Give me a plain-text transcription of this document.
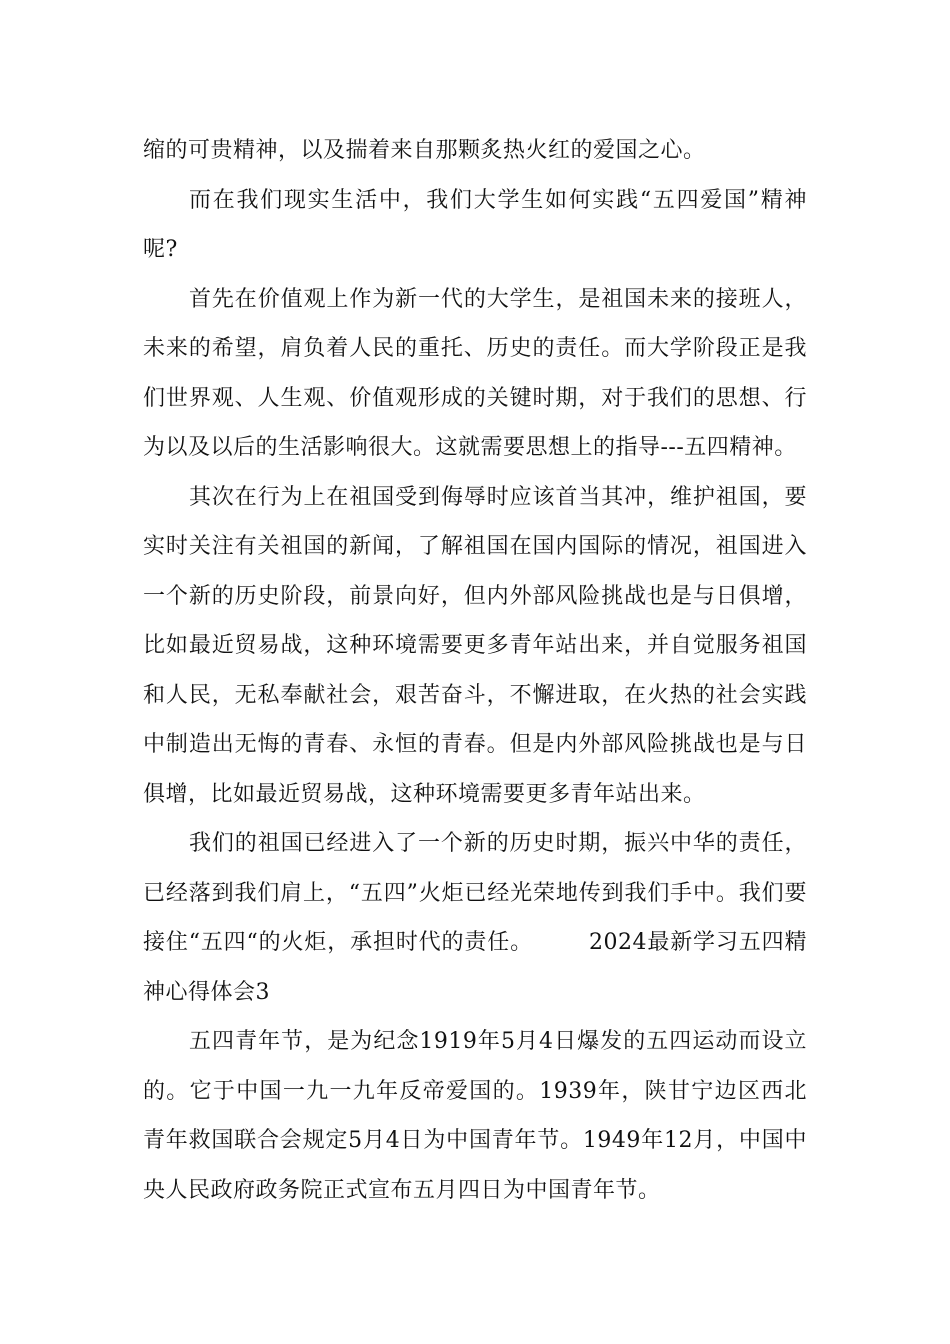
缩的可贵精神，以及揣着来自那颗炙热火红的爱国之心。

而在我们现实生活中，我们大学生如何实践“五四爱国”精神呢?

首先在价值观上作为新一代的大学生，是祖国未来的接班人，未来的希望，肩负着人民的重托、历史的责任。而大学阶段正是我们世界观、人生观、价值观形成的关键时期，对于我们的思想、行为以及以后的生活影响很大。这就需要思想上的指导---五四精神。

其次在行为上在祖国受到侮辱时应该首当其冲，维护祖国，要实时关注有关祖国的新闻，了解祖国在国内国际的情况，祖国进入一个新的历史阶段，前景向好，但内外部风险挑战也是与日俱增，比如最近贸易战，这种环境需要更多青年站出来，并自觉服务祖国和人民，无私奉献社会，艰苦奋斗，不懈进取，在火热的社会实践中制造出无悔的青春、永恒的青春。但是内外部风险挑战也是与日俱增，比如最近贸易战，这种环境需要更多青年站出来。

我们的祖国已经进入了一个新的历史时期，振兴中华的责任，已经落到我们肩上，“五四”火炬已经光荣地传到我们手中。我们要接住“五四“的火炬，承担时代的责任。	2024最新学习五四精神心得体会3

五四青年节，是为纪念1919年5月4日爆发的五四运动而设立的。它于中国一九一九年反帝爱国的。1939年，陕甘宁边区西北青年救国联合会规定5月4日为中国青年节。1949年12月，中国中央人民政府政务院正式宣布五月四日为中国青年节。
